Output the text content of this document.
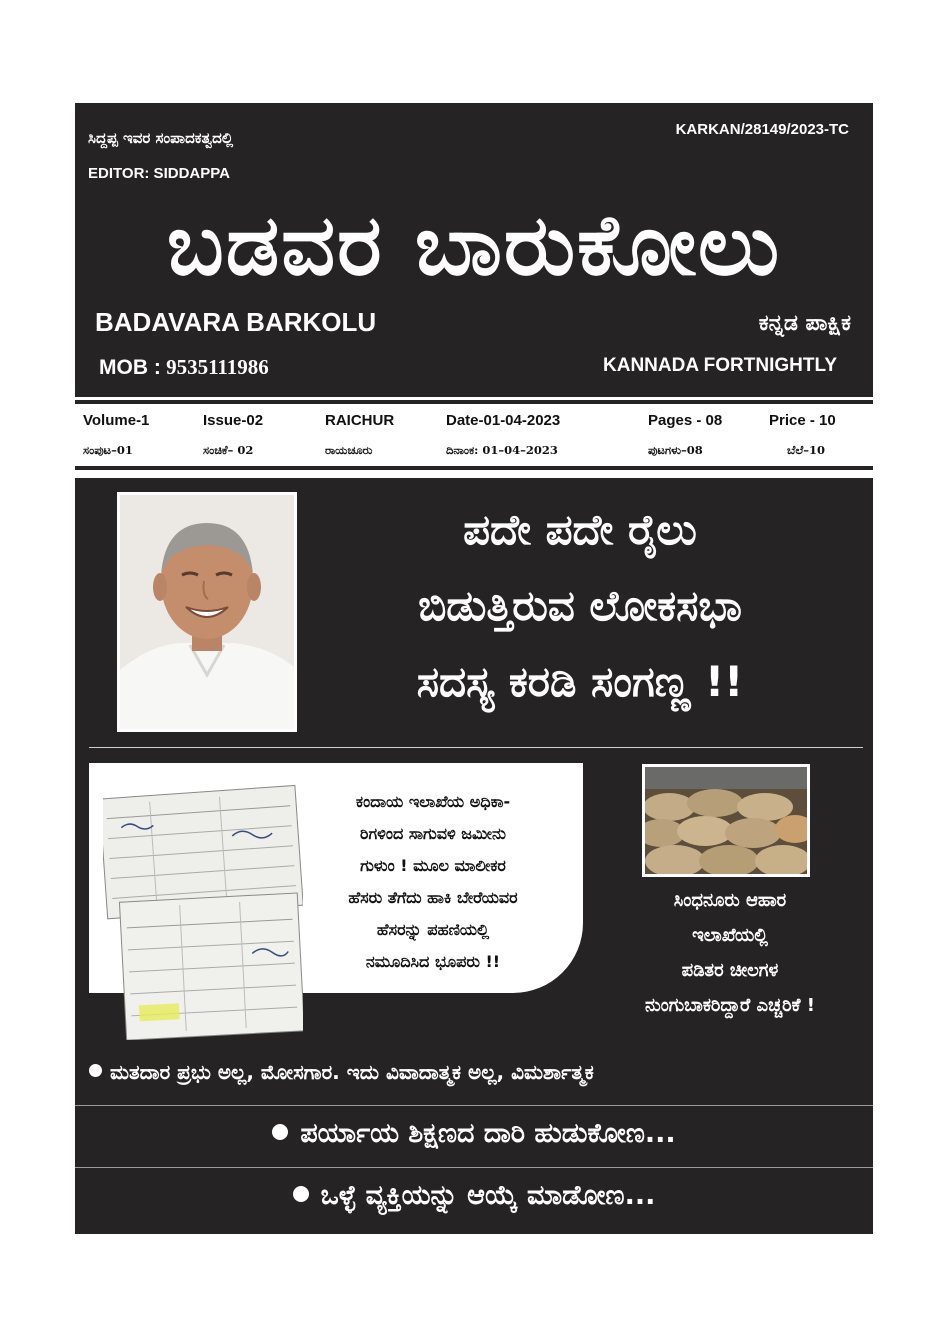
ಸಿದ್ದಪ್ಪ ಇವರ ಸಂಪಾದಕತ್ವದಲ್ಲಿ	KARKAN/28149/2023-TC
EDITOR: SIDDAPPA
ಬಡವರ ಬಾರುಕೋಲು
BADAVARA BARKOLU	ಕನ್ನಡ ಪಾಕ್ಷಿಕ
MOB : 9535111986	KANNADA FORTNIGHTLY
Volume-1	Issue-02	RAICHUR	Date-01-04-2023	Pages - 08	Price - 10
ಸಂಪುಟ–01	ಸಂಚಿಕೆ– 02	ರಾಯಚೂರು	ದಿನಾಂಕ: 01–04–2023	ಪುಟಗಳು–08	ಬೆಲೆ–10
ಪದೇ ಪದೇ ರೈಲು
ಬಿಡುತ್ತಿರುವ ಲೋಕಸಭಾ
ಸದಸ್ಯ ಕರಡಿ ಸಂಗಣ್ಣ !!
ಕಂದಾಯ ಇಲಾಖೆಯ ಅಧಿಕಾ-
ರಿಗಳಿಂದ ಸಾಗುವಳಿ ಜಮೀನು
ಗುಳುಂ ! ಮೂಲ ಮಾಲೀಕರ
ಹೆಸರು ತೆಗೆದು ಹಾಕಿ ಬೇರೆಯವರ
ಹೆಸರನ್ನು ಪಹಣಿಯಲ್ಲಿ
ನಮೂದಿಸಿದ ಭೂಪರು !!
ಸಿಂಧನೂರು ಆಹಾರ
ಇಲಾಖೆಯಲ್ಲಿ
ಪಡಿತರ ಚೀಲಗಳ
ನುಂಗುಬಾಕರಿದ್ದಾರೆ ಎಚ್ಚರಿಕೆ !
ಮತದಾರ ಪ್ರಭು ಅಲ್ಲ, ಮೋಸಗಾರ. ಇದು ವಿವಾದಾತ್ಮಕ ಅಲ್ಲ, ವಿಮರ್ಶಾತ್ಮಕ
ಪರ್ಯಾಯ ಶಿಕ್ಷಣದ ದಾರಿ ಹುಡುಕೋಣ...
ಒಳ್ಳೆ ವ್ಯಕ್ತಿಯನ್ನು ಆಯ್ಕೆ ಮಾಡೋಣ...
